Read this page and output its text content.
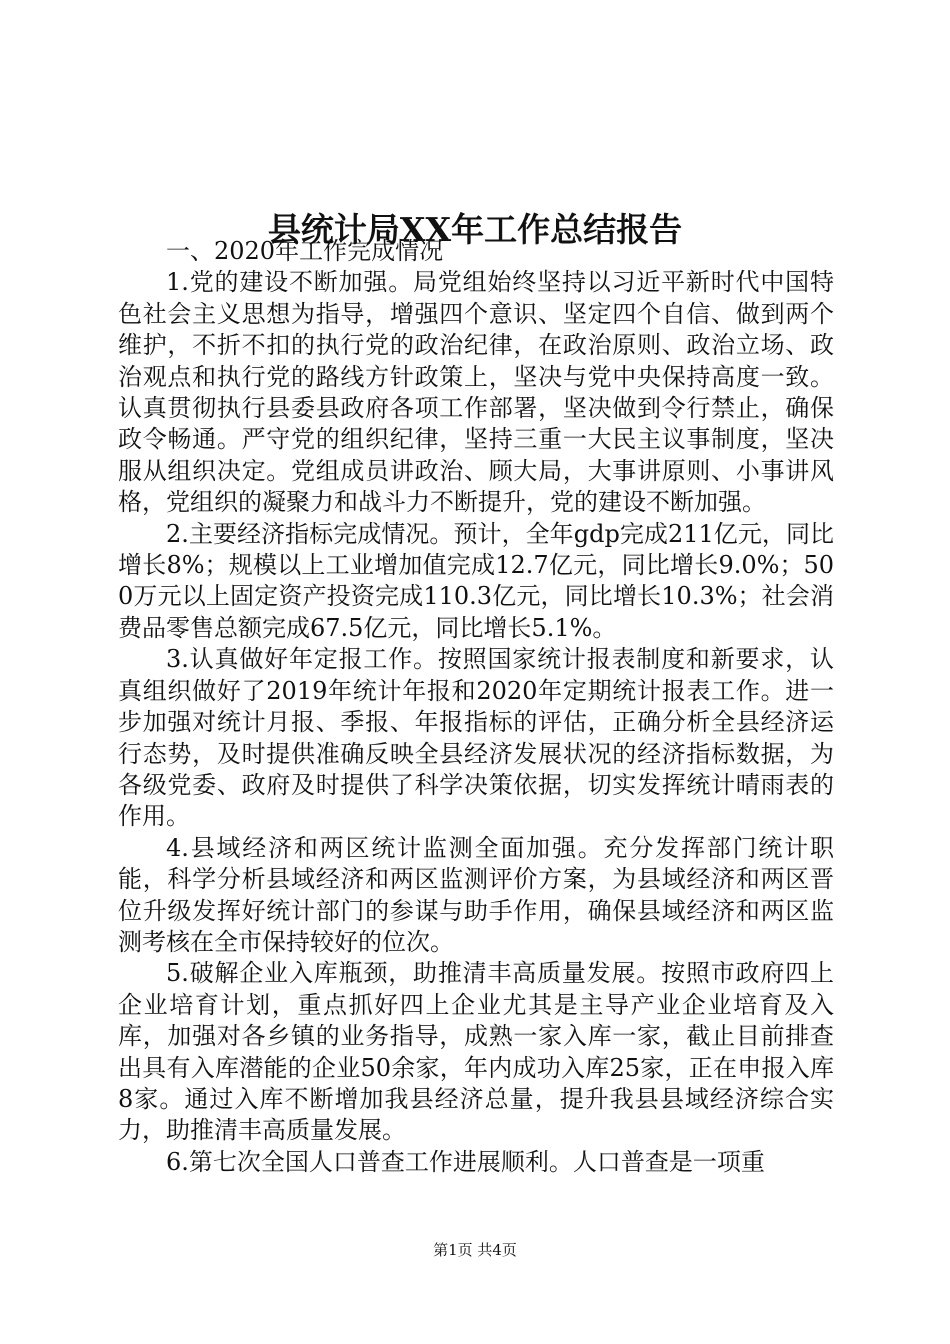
县统计局XX年工作总结报告

一、2020年工作完成情况

1.党的建设不断加强。局党组始终坚持以习近平新时代中国特色社会主义思想为指导，增强四个意识、坚定四个自信、做到两个维护，不折不扣的执行党的政治纪律，在政治原则、政治立场、政治观点和执行党的路线方针政策上，坚决与党中央保持高度一致。认真贯彻执行县委县政府各项工作部署，坚决做到令行禁止，确保政令畅通。严守党的组织纪律，坚持三重一大民主议事制度，坚决服从组织决定。党组成员讲政治、顾大局，大事讲原则、小事讲风格，党组织的凝聚力和战斗力不断提升，党的建设不断加强。

2.主要经济指标完成情况。预计，全年gdp完成211亿元，同比增长8%；规模以上工业增加值完成12.7亿元，同比增长9.0%；500万元以上固定资产投资完成110.3亿元，同比增长10.3%；社会消费品零售总额完成67.5亿元，同比增长5.1%。

3.认真做好年定报工作。按照国家统计报表制度和新要求，认真组织做好了2019年统计年报和2020年定期统计报表工作。进一步加强对统计月报、季报、年报指标的评估，正确分析全县经济运行态势，及时提供准确反映全县经济发展状况的经济指标数据，为各级党委、政府及时提供了科学决策依据，切实发挥统计晴雨表的作用。

4.县域经济和两区统计监测全面加强。充分发挥部门统计职能，科学分析县域经济和两区监测评价方案，为县域经济和两区晋位升级发挥好统计部门的参谋与助手作用，确保县域经济和两区监测考核在全市保持较好的位次。

5.破解企业入库瓶颈，助推清丰高质量发展。按照市政府四上企业培育计划，重点抓好四上企业尤其是主导产业企业培育及入库，加强对各乡镇的业务指导，成熟一家入库一家，截止目前排查出具有入库潜能的企业50余家，年内成功入库25家，正在申报入库8家。通过入库不断增加我县经济总量，提升我县县域经济综合实力，助推清丰高质量发展。

6.第七次全国人口普查工作进展顺利。人口普查是一项重

第1页 共4页
